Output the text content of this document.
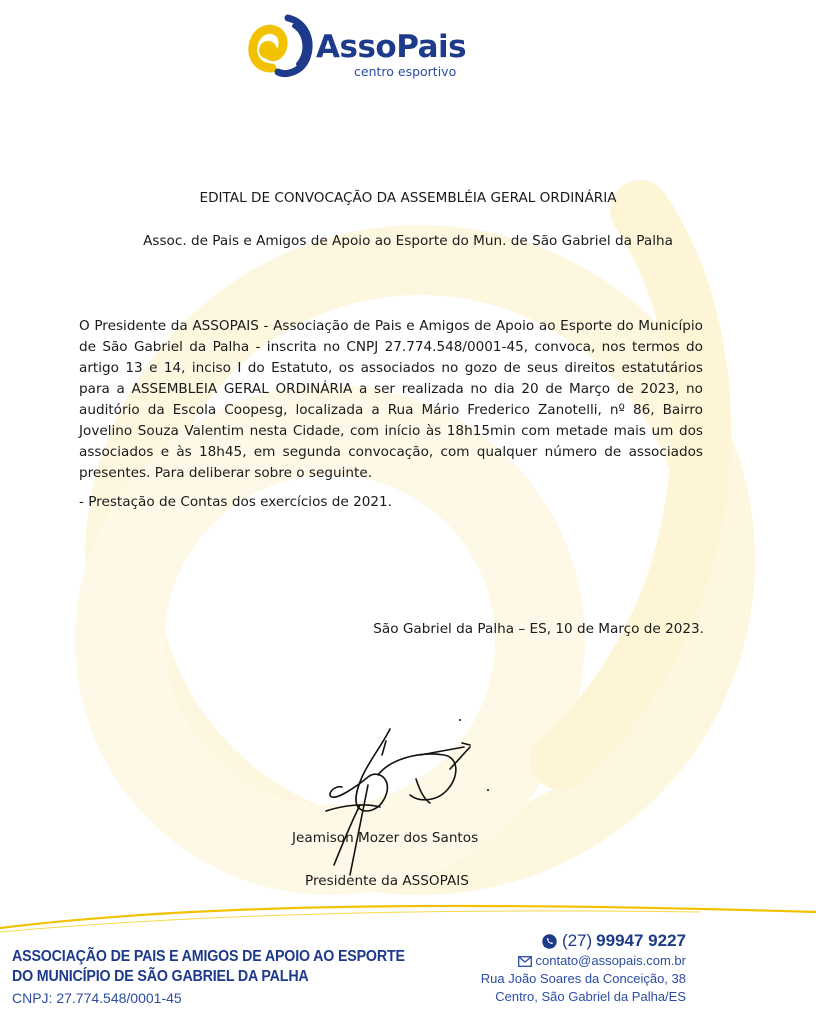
AssoPais
centro esportivo
EDITAL DE CONVOCAÇÃO DA ASSEMBLÉIA GERAL ORDINÁRIA
Assoc. de Pais e Amigos de Apoio ao Esporte do Mun. de São Gabriel da Palha

O Presidente da ASSOPAIS - Associação de Pais e Amigos de Apoio ao Esporte do Município de São Gabriel da Palha - inscrita no CNPJ 27.774.548/0001-45, convoca, nos termos do artigo 13 e 14, inciso I do Estatuto, os associados no gozo de seus direitos estatutários para a ASSEMBLEIA GERAL ORDINÁRIA a ser realizada no dia 20 de Março de 2023, no auditório da Escola Coopesg, localizada a Rua Mário Frederico Zanotelli, nº 86, Bairro Jovelino Souza Valentim nesta Cidade, com início às 18h15min com metade mais um dos associados e às 18h45, em segunda convocação, com qualquer número de associados presentes. Para deliberar sobre o seguinte.

- Prestação de Contas dos exercícios de 2021.
São Gabriel da Palha – ES, 10 de Março de 2023.
Jeamison Mozer dos Santos
Presidente da ASSOPAIS
ASSOCIAÇÃO DE PAIS E AMIGOS DE APOIO AO ESPORTE
DO MUNICÍPIO DE SÃO GABRIEL DA PALHA
CNPJ: 27.774.548/0001-45
(27) 99947 9227
contato@assopais.com.br
Rua João Soares da Conceição, 38
Centro, São Gabriel da Palha/ES
